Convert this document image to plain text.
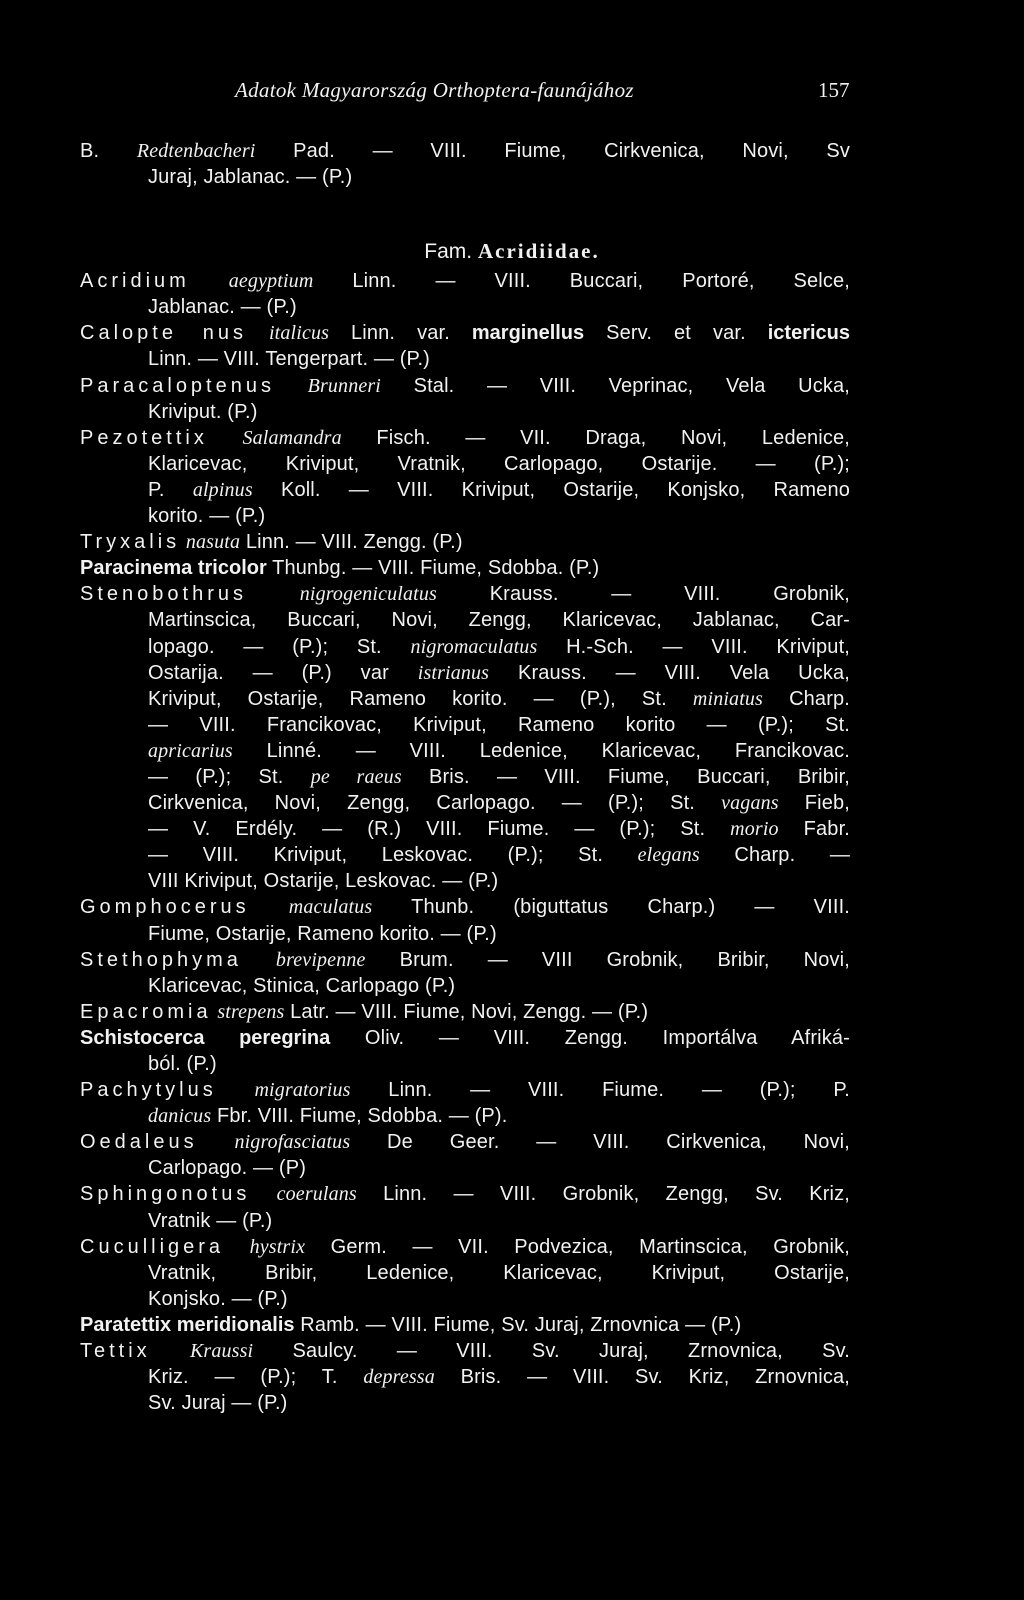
Adatok Magyarország Orthoptera-faunájához	157
Fam. Acridiidae.
B. Redtenbacheri Pad. — VIII. Fiume, Cirkvenica, Novi, Sv
Juraj, Jablanac. — (P.)
Acridium aegyptium Linn. — VIII. Buccari, Portoré, Selce,
Jablanac. — (P.)
Calopte nus italicus Linn. var. marginellus Serv. et var. ictericus
Linn. — VIII. Tengerpart. — (P.)
Paracaloptenus Brunneri Stal. — VIII. Veprinac, Vela Ucka,
Kriviput. (P.)
Pezotettix Salamandra Fisch. — VII. Draga, Novi, Ledenice,
Klaricevac, Kriviput, Vratnik, Carlopago, Ostarije. — (P.);
P. alpinus Koll. — VIII. Kriviput, Ostarije, Konjsko, Rameno
korito. — (P.)
Tryxalis nasuta Linn. — VIII. Zengg. (P.)
Paracinema tricolor Thunbg. — VIII. Fiume, Sdobba. (P.)
Stenobothrus	nigrogeniculatus Krauss. — VIII. Grobnik,
Martinscica, Buccari, Novi, Zengg, Klaricevac, Jablanac, Car-
lopago. — (P.); St. nigromaculatus H.-Sch. — VIII. Kriviput,
Ostarija. — (P.) var istrianus Krauss. — VIII. Vela Ucka,
Kriviput, Ostarije, Rameno korito. — (P.), St. miniatus Charp.
— VIII. Francikovac, Kriviput, Rameno korito — (P.); St.
apricarius Linné. — VIII. Ledenice, Klaricevac, Francikovac.
— (P.); St. pe raeus Bris. — VIII. Fiume, Buccari, Bribir,
Cirkvenica, Novi, Zengg, Carlopago. — (P.); St. vagans Fieb,
— V. Erdély. — (R.) VIII. Fiume. — (P.); St. morio Fabr.
— VIII. Kriviput, Leskovac. (P.); St. elegans Charp. —
VIII Kriviput, Ostarije, Leskovac. — (P.)
Gomphocerus maculatus Thunb. (biguttatus Charp.) — VIII.
Fiume, Ostarije, Rameno korito. — (P.)
Stethophyma brevipenne Brum. — VIII Grobnik, Bribir, Novi,
Klaricevac, Stinica, Carlopago (P.)
Epacromia strepens Latr. — VIII. Fiume, Novi, Zengg. — (P.)
Schistocerca peregrina Oliv. — VIII. Zengg. Importálva Afriká-
ból. (P.)
Pachytylus migratorius Linn. — VIII. Fiume. — (P.); P.
danicus Fbr. VIII. Fiume, Sdobba. — (P).
Oedaleus nigrofasciatus De Geer. — VIII. Cirkvenica, Novi,
Carlopago. — (P)
Sphingonotus coerulans Linn. — VIII. Grobnik, Zengg, Sv. Kriz,
Vratnik — (P.)
Cuculligera hystrix Germ. — VII. Podvezica, Martinscica, Grobnik,
Vratnik, Bribir, Ledenice, Klaricevac, Kriviput, Ostarije,
Konjsko. — (P.)
Paratettix meridionalis Ramb. — VIII. Fiume, Sv. Juraj, Zrnovnica — (P.)
Tettix Kraussi Saulcy. — VIII. Sv. Juraj, Zrnovnica, Sv.
Kriz. — (P.); T. depressa Bris. — VIII. Sv. Kriz, Zrnovnica,
Sv. Juraj — (P.)
